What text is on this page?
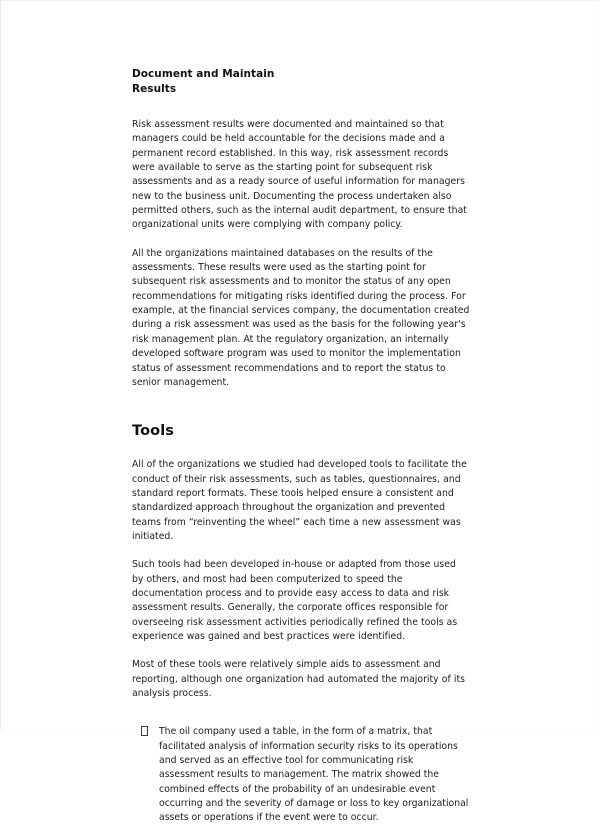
Document and Maintain
Results

Risk assessment results were documented and maintained so that managers could be held accountable for the decisions made and a permanent record established. In this way, risk assessment records were available to serve as the starting point for subsequent risk assessments and as a ready source of useful information for managers new to the business unit. Documenting the process undertaken also permitted others, such as the internal audit department, to ensure that organizational units were complying with company policy.

All the organizations maintained databases on the results of the assessments. These results were used as the starting point for subsequent risk assessments and to monitor the status of any open recommendations for mitigating risks identified during the process. For example, at the financial services company, the documentation created during a risk assessment was used as the basis for the following year's risk management plan. At the regulatory organization, an internally developed software program was used to monitor the implementation status of assessment recommendations and to report the status to senior management.

Tools

All of the organizations we studied had developed tools to facilitate the conduct of their risk assessments, such as tables, questionnaires, and standard report formats. These tools helped ensure a consistent and standardized approach throughout the organization and prevented teams from “reinventing the wheel” each time a new assessment was initiated.

Such tools had been developed in-house or adapted from those used by others, and most had been computerized to speed the documentation process and to provide easy access to data and risk assessment results. Generally, the corporate offices responsible for overseeing risk assessment activities periodically refined the tools as experience was gained and best practices were identified.

Most of these tools were relatively simple aids to assessment and reporting, although one organization had automated the majority of its analysis process.

The oil company used a table, in the form of a matrix, that facilitated analysis of information security risks to its operations and served as an effective tool for communicating risk assessment results to management. The matrix showed the combined effects of the probability of an undesirable event occurring and the severity of damage or loss to key organizational assets or operations if the event were to occur.
